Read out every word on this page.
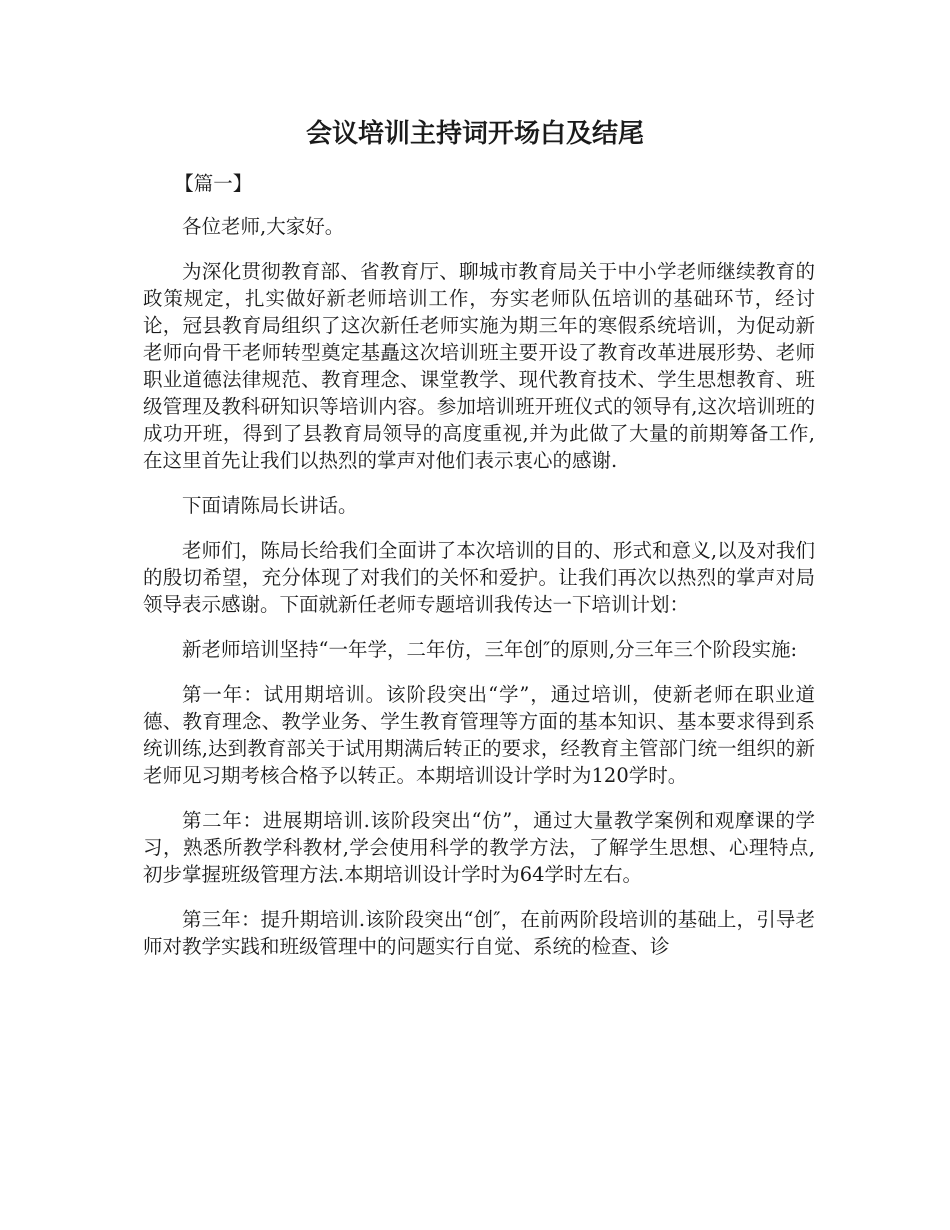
会议培训主持词开场白及结尾

【篇一】

各位老师,大家好。

为深化贯彻教育部、省教育厅、聊城市教育局关于中小学老师继续教育的政策规定，扎实做好新老师培训工作，夯实老师队伍培训的基础环节，经讨论，冠县教育局组织了这次新任老师实施为期三年的寒假系统培训，为促动新老师向骨干老师转型奠定基矗这次培训班主要开设了教育改革进展形势、老师职业道德法律规范、教育理念、课堂教学、现代教育技术、学生思想教育、班级管理及教科研知识等培训内容。参加培训班开班仪式的领导有,这次培训班的成功开班，得到了县教育局领导的高度重视,并为此做了大量的前期筹备工作,在这里首先让我们以热烈的掌声对他们表示衷心的感谢.

下面请陈局长讲话。

老师们，陈局长给我们全面讲了本次培训的目的、形式和意义,以及对我们的殷切希望，充分体现了对我们的关怀和爱护。让我们再次以热烈的掌声对局领导表示感谢。下面就新任老师专题培训我传达一下培训计划：

新老师培训坚持“一年学，二年仿，三年创″的原则,分三年三个阶段实施:

第一年：试用期培训。该阶段突出“学”，通过培训，使新老师在职业道德、教育理念、教学业务、学生教育管理等方面的基本知识、基本要求得到系统训练,达到教育部关于试用期满后转正的要求，经教育主管部门统一组织的新老师见习期考核合格予以转正。本期培训设计学时为120学时。

第二年：进展期培训.该阶段突出“仿”，通过大量教学案例和观摩课的学习，熟悉所教学科教材,学会使用科学的教学方法，了解学生思想、心理特点,初步掌握班级管理方法.本期培训设计学时为64学时左右。

第三年：提升期培训.该阶段突出“创″，在前两阶段培训的基础上，引导老师对教学实践和班级管理中的问题实行自觉、系统的检查、诊
